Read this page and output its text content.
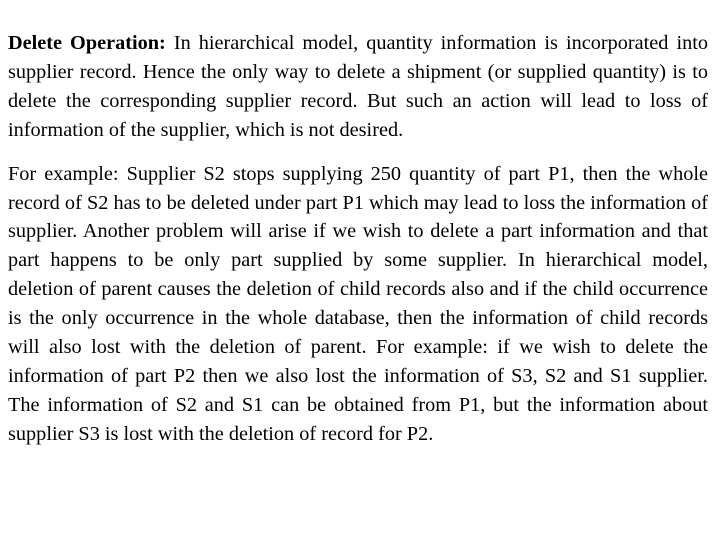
Delete Operation: In hierarchical model, quantity information is incorporated into supplier record. Hence the only way to delete a shipment (or supplied quantity) is to delete the corresponding supplier record. But such an action will lead to loss of information of the supplier, which is not desired.

For example: Supplier S2 stops supplying 250 quantity of part P1, then the whole record of S2 has to be deleted under part P1 which may lead to loss the information of supplier. Another problem will arise if we wish to delete a part information and that part happens to be only part supplied by some supplier. In hierarchical model, deletion of parent causes the deletion of child records also and if the child occurrence is the only occurrence in the whole database, then the information of child records will also lost with the deletion of parent. For example: if we wish to delete the information of part P2 then we also lost the information of S3, S2 and S1 supplier. The information of S2 and S1 can be obtained from P1, but the information about supplier S3 is lost with the deletion of record for P2.
